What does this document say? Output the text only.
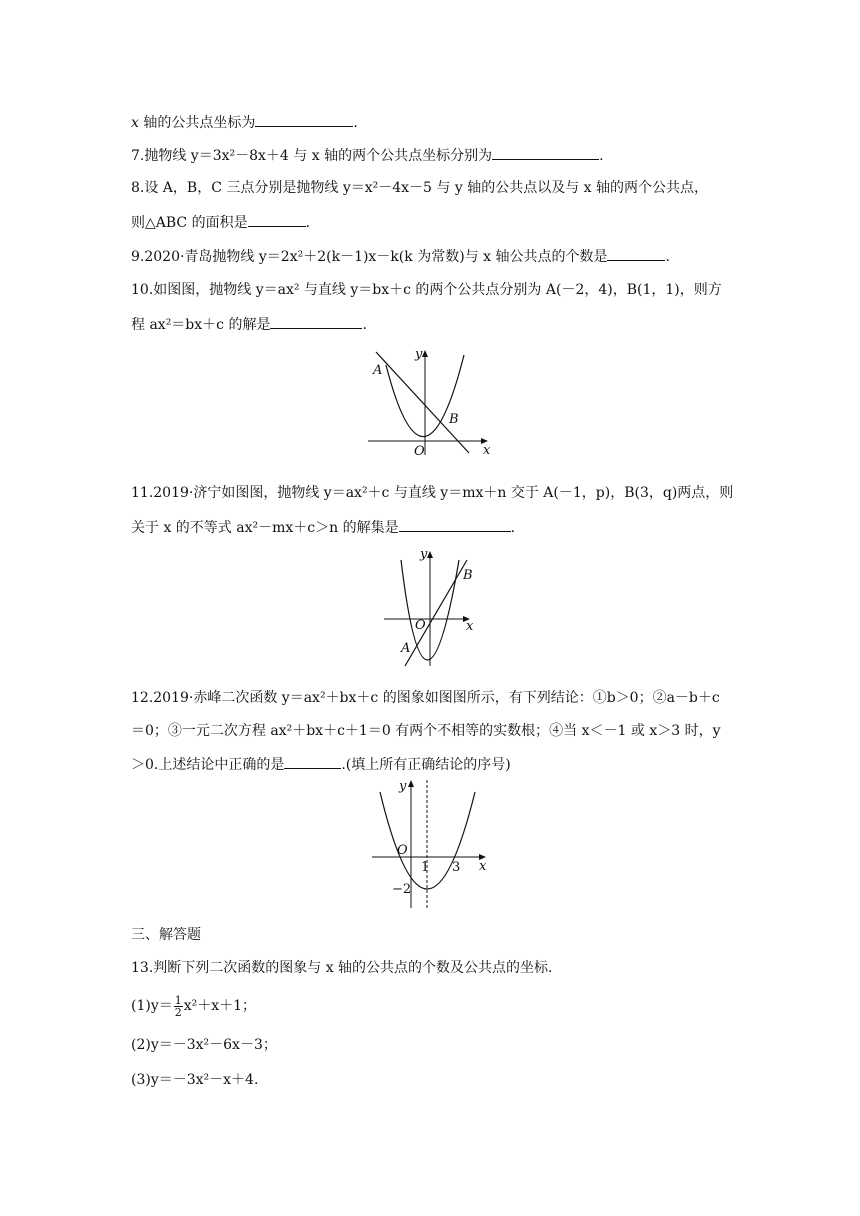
x 轴的公共点坐标为	.
7.抛物线 y＝3x²－8x＋4 与 x 轴的两个公共点坐标分别为	.
8.设 A，B，C 三点分别是抛物线 y＝x²－4x－5 与 y 轴的公共点以及与 x 轴的两个公共点，
则△ABC 的面积是	.
9.2020·青岛抛物线 y＝2x²＋2(k－1)x－k(k 为常数)与 x 轴公共点的个数是	.
10.如图图，抛物线 y＝ax² 与直线 y＝bx＋c 的两个公共点分别为 A(－2，4)，B(1，1)，则方
程 ax²＝bx＋c 的解是	.
y
x
O
A
B
11.2019·济宁如图图，抛物线 y＝ax²＋c 与直线 y＝mx＋n 交于 A(－1，p)，B(3，q)两点，则
关于 x 的不等式 ax²－mx＋c＞n 的解集是	.
y
x
O
A
B
12.2019·赤峰二次函数 y＝ax²＋bx＋c 的图象如图图所示，有下列结论：①b＞0；②a－b＋c
＝0；③一元二次方程 ax²＋bx＋c＋1＝0 有两个不相等的实数根；④当 x＜－1 或 x＞3 时，y
＞0.上述结论中正确的是	.(填上所有正确结论的序号)
y
x
O
1 3
−2
三、解答题
13.判断下列二次函数的图象与 x 轴的公共点的个数及公共点的坐标.
$(1)y= \frac{1}{2} x^2+x+1$；
(2)y＝－3x²－6x－3；
(3)y＝－3x²－x＋4.
